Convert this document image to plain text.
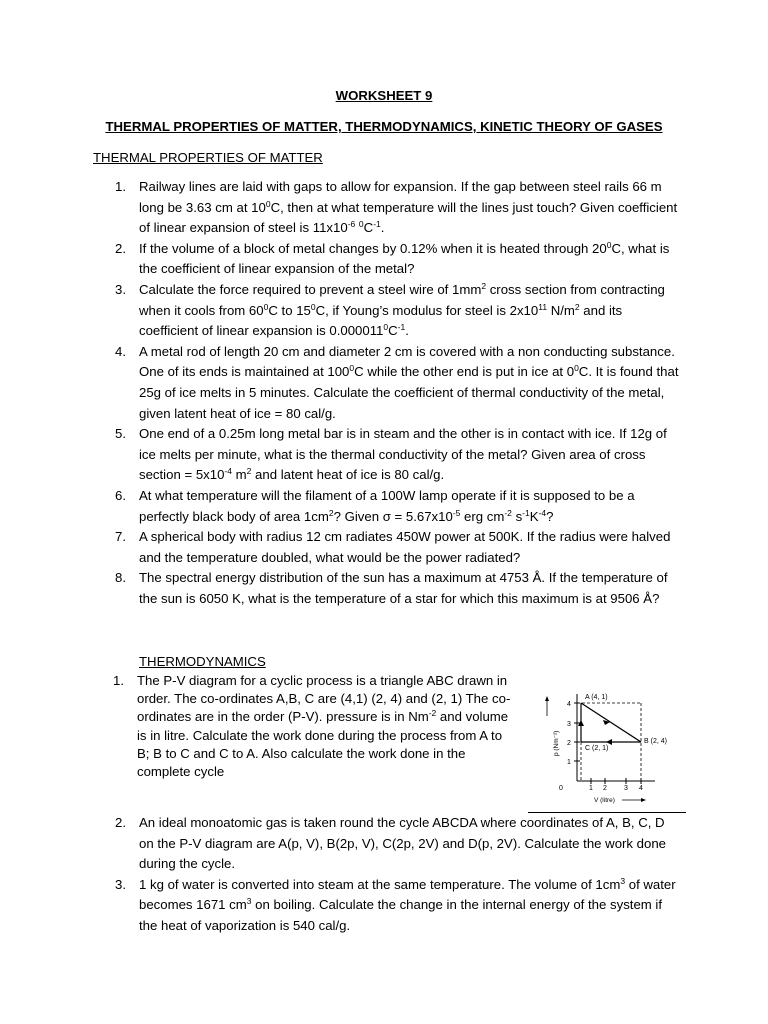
WORKSHEET 9
THERMAL PROPERTIES OF MATTER, THERMODYNAMICS, KINETIC THEORY OF GASES
THERMAL PROPERTIES OF MATTER
1. Railway lines are laid with gaps to allow for expansion. If the gap between steel rails 66 m long be 3.63 cm at $10^0C$, then at what temperature will the lines just touch? Given coefficient of linear expansion of steel is $11x10^{-6}$ $^0C^{-1}$.
2. If the volume of a block of metal changes by 0.12% when it is heated through $20^0C$, what is the coefficient of linear expansion of the metal?
3. Calculate the force required to prevent a steel wire of $1mm^2$ cross section from contracting when it cools from $60^0C$ to $15^0C$, if Young’s modulus for steel is $2x10^{11}$ $N/m^2$ and its coefficient of linear expansion is $0.000011^0C^{-1}$.
4. A metal rod of length 20 cm and diameter 2 cm is covered with a non conducting substance. One of its ends is maintained at $100^0C$ while the other end is put in ice at $0^0C$. It is found that 25g of ice melts in 5 minutes. Calculate the coefficient of thermal conductivity of the metal, given latent heat of ice = 80 cal/g.
5. One end of a 0.25m long metal bar is in steam and the other is in contact with ice. If 12g of ice melts per minute, what is the thermal conductivity of the metal? Given area of cross section = $5x10^{-4}$ $m^2$ and latent heat of ice is 80 cal/g.
6. At what temperature will the filament of a 100W lamp operate if it is supposed to be a perfectly black body of area $1cm^2$? Given $\sigma = 5.67x10^{-5}$ erg $cm^{-2}$ $s^{-1}K^{-4}$?
7. A spherical body with radius 12 cm radiates 450W power at 500K. If the radius were halved and the temperature doubled, what would be the power radiated?
8. The spectral energy distribution of the sun has a maximum at 4753 Å. If the temperature of the sun is 6050 K, what is the temperature of a star for which this maximum is at 9506 Å?
THERMODYNAMICS
1. The P-V diagram for a cyclic process is a triangle ABC drawn in order. The co-ordinates A,B, C are (4,1) (2, 4) and (2, 1) The co-ordinates are in the order (P-V). pressure is in $Nm^{-2}$ and volume is in litre. Calculate the work done during the process from A to B; B to C and C to A. Also calculate the work done in the complete cycle
A (4, 1)
B (2, 4)
C (2, 1)
1
2
3
4
0	1 2 3 4
V (litre)
p (Nm⁻²)
2. An ideal monoatomic gas is taken round the cycle ABCDA where coordinates of A, B, C, D on the P-V diagram are A(p, V), B(2p, V), C(2p, 2V) and D(p, 2V). Calculate the work done during the cycle.
3. 1 kg of water is converted into steam at the same temperature. The volume of $1cm^3$ of water becomes 1671 $cm^3$ on boiling. Calculate the change in the internal energy of the system if the heat of vaporization is 540 cal/g.
